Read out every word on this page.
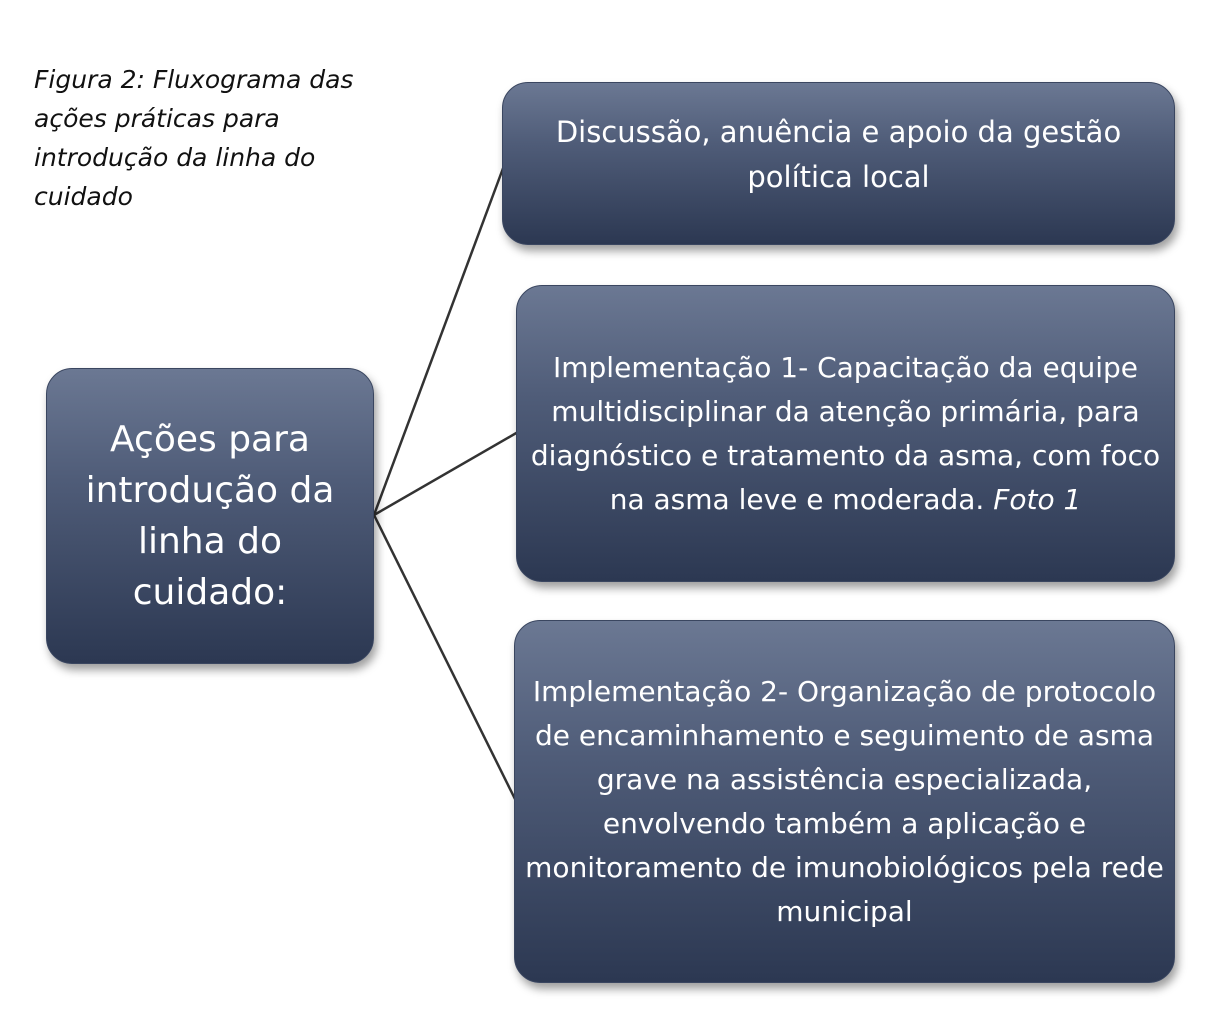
Figura 2: Fluxograma das ações práticas para introdução da linha do cuidado
Ações para introdução da linha do cuidado:
Discussão, anuência e apoio da gestão política local
Implementação 1- Capacitação da equipe multidisciplinar da atenção primária, para diagnóstico e tratamento da asma, com foco na asma leve e moderada. Foto 1
Implementação 2- Organização de protocolo de encaminhamento e seguimento de asma grave na assistência especializada, envolvendo também a aplicação e monitoramento de imunobiológicos pela rede municipal
